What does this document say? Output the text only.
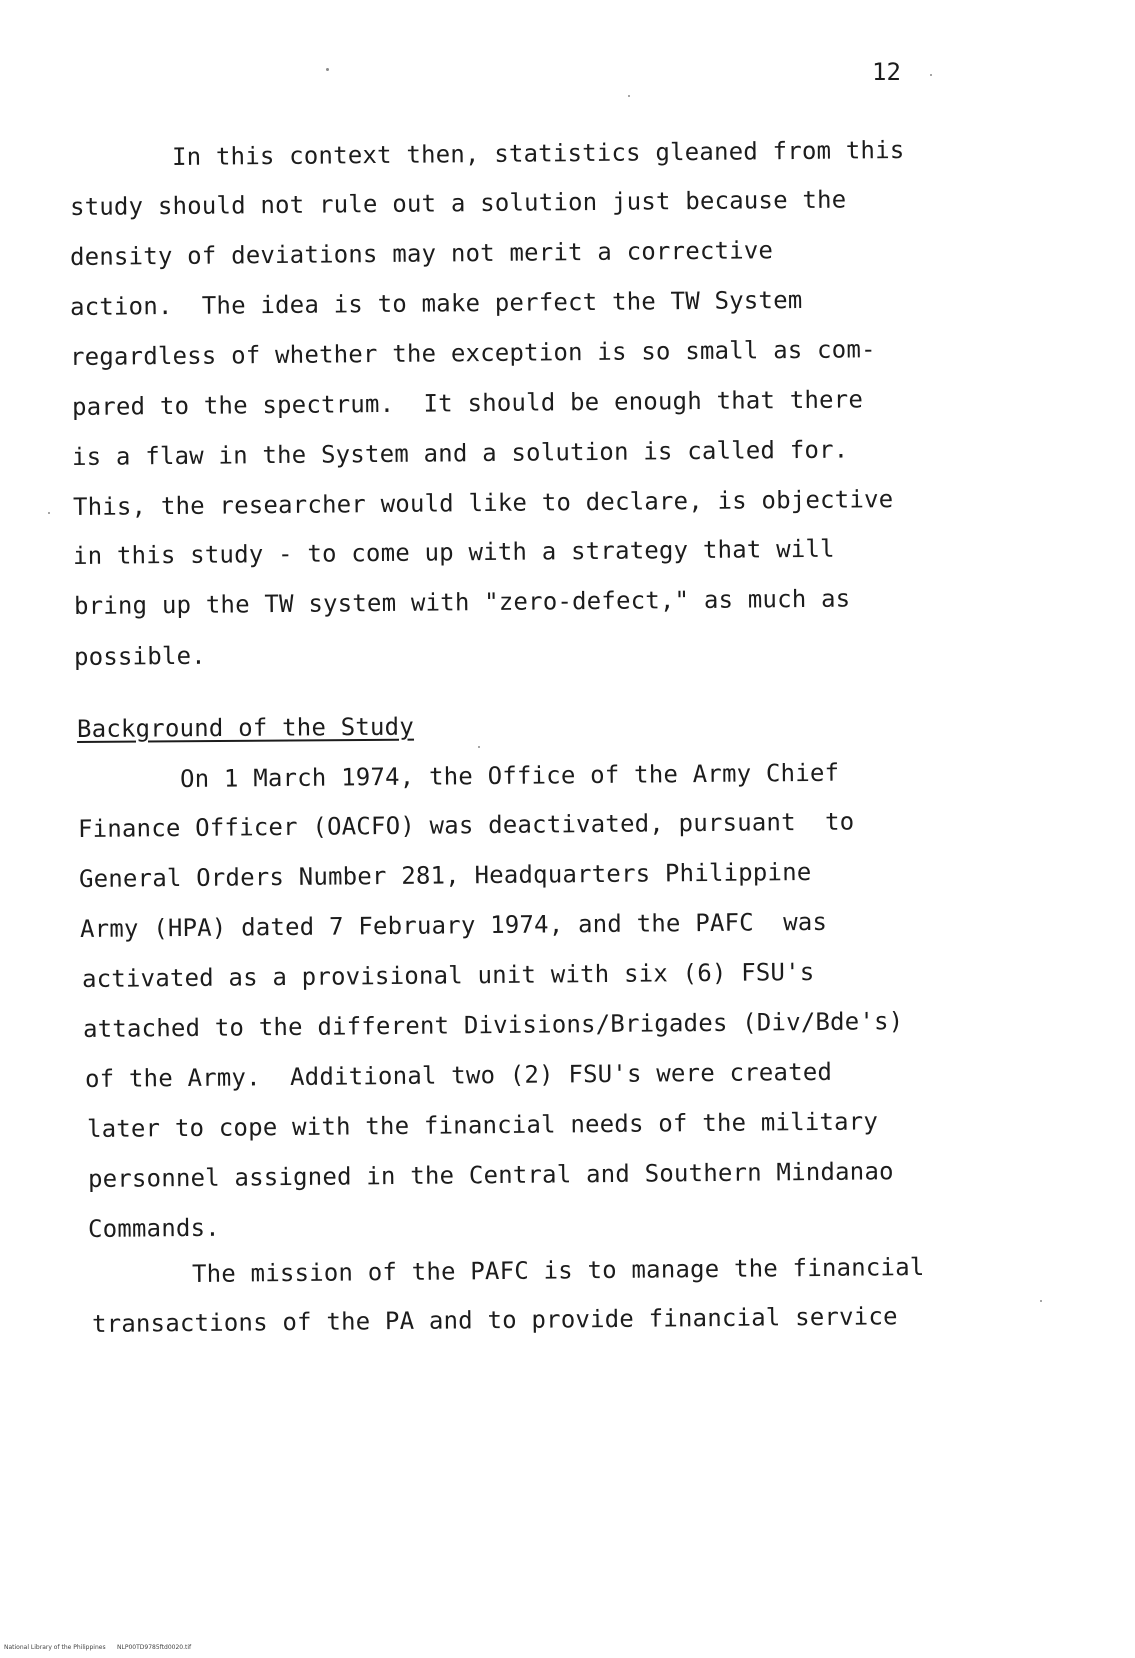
12
In this context then, statistics gleaned from this
study should not rule out a solution just because the
density of deviations may not merit a corrective
action.  The idea is to make perfect the TW System
regardless of whether the exception is so small as com-
pared to the spectrum.  It should be enough that there
is a flaw in the System and a solution is called for.
This, the researcher would like to declare, is objective
in this study - to come up with a strategy that will
bring up the TW system with "zero-defect," as much as
possible.
Background of the Study
On 1 March 1974, the Office of the Army Chief
Finance Officer (OACFO) was deactivated, pursuant  to
General Orders Number 281, Headquarters Philippine
Army (HPA) dated 7 February 1974, and the PAFC  was
activated as a provisional unit with six (6) FSU's
attached to the different Divisions/Brigades (Div/Bde's)
of the Army.  Additional two (2) FSU's were created
later to cope with the financial needs of the military
personnel assigned in the Central and Southern Mindanao
Commands.
The mission of the PAFC is to manage the financial
transactions of the PA and to provide financial service
National Library of the Philippines NLP00TD9785ftd0020.tif
